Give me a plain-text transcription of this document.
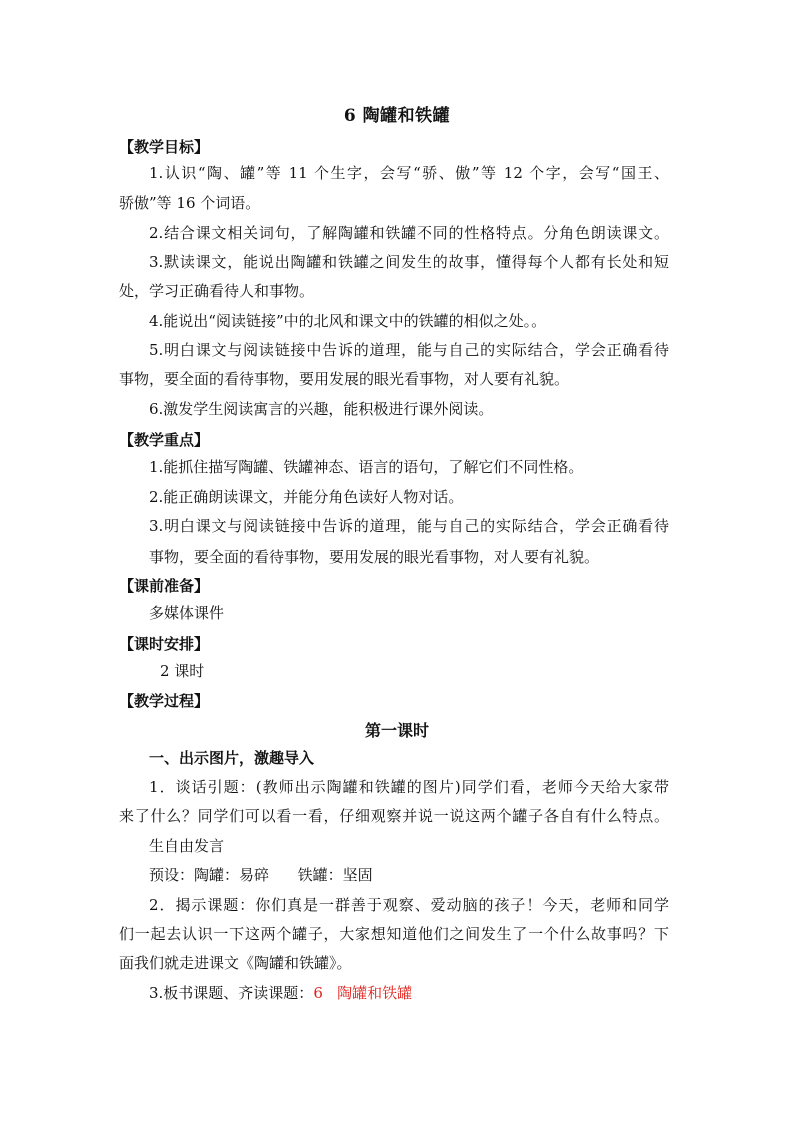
6 陶罐和铁罐
【教学目标】
1.认识“陶、罐”等 11 个生字，会写“骄、傲”等 12 个字，会写“国王、
骄傲”等 16 个词语。
2.结合课文相关词句，了解陶罐和铁罐不同的性格特点。分角色朗读课文。
3.默读课文，能说出陶罐和铁罐之间发生的故事，懂得每个人都有长处和短
处，学习正确看待人和事物。
4.能说出“阅读链接”中的北风和课文中的铁罐的相似之处。。
5.明白课文与阅读链接中告诉的道理，能与自己的实际结合，学会正确看待
事物，要全面的看待事物，要用发展的眼光看事物，对人要有礼貌。
6.激发学生阅读寓言的兴趣，能积极进行课外阅读。
【教学重点】
1.能抓住描写陶罐、铁罐神态、语言的语句，了解它们不同性格。
2.能正确朗读课文，并能分角色读好人物对话。
3.明白课文与阅读链接中告诉的道理，能与自己的实际结合，学会正确看待
事物，要全面的看待事物，要用发展的眼光看事物，对人要有礼貌。
【课前准备】
多媒体课件
【课时安排】
2 课时
【教学过程】
第一课时
一、出示图片，激趣导入
1．谈话引题：(教师出示陶罐和铁罐的图片)同学们看，老师今天给大家带
来了什么？同学们可以看一看，仔细观察并说一说这两个罐子各自有什么特点。
生自由发言
预设：陶罐：易碎      铁罐：坚固
2．揭示课题：你们真是一群善于观察、爱动脑的孩子！今天，老师和同学
们一起去认识一下这两个罐子，大家想知道他们之间发生了一个什么故事吗？下
面我们就走进课文《陶罐和铁罐》。
3.板书课题、齐读课题：6   陶罐和铁罐
